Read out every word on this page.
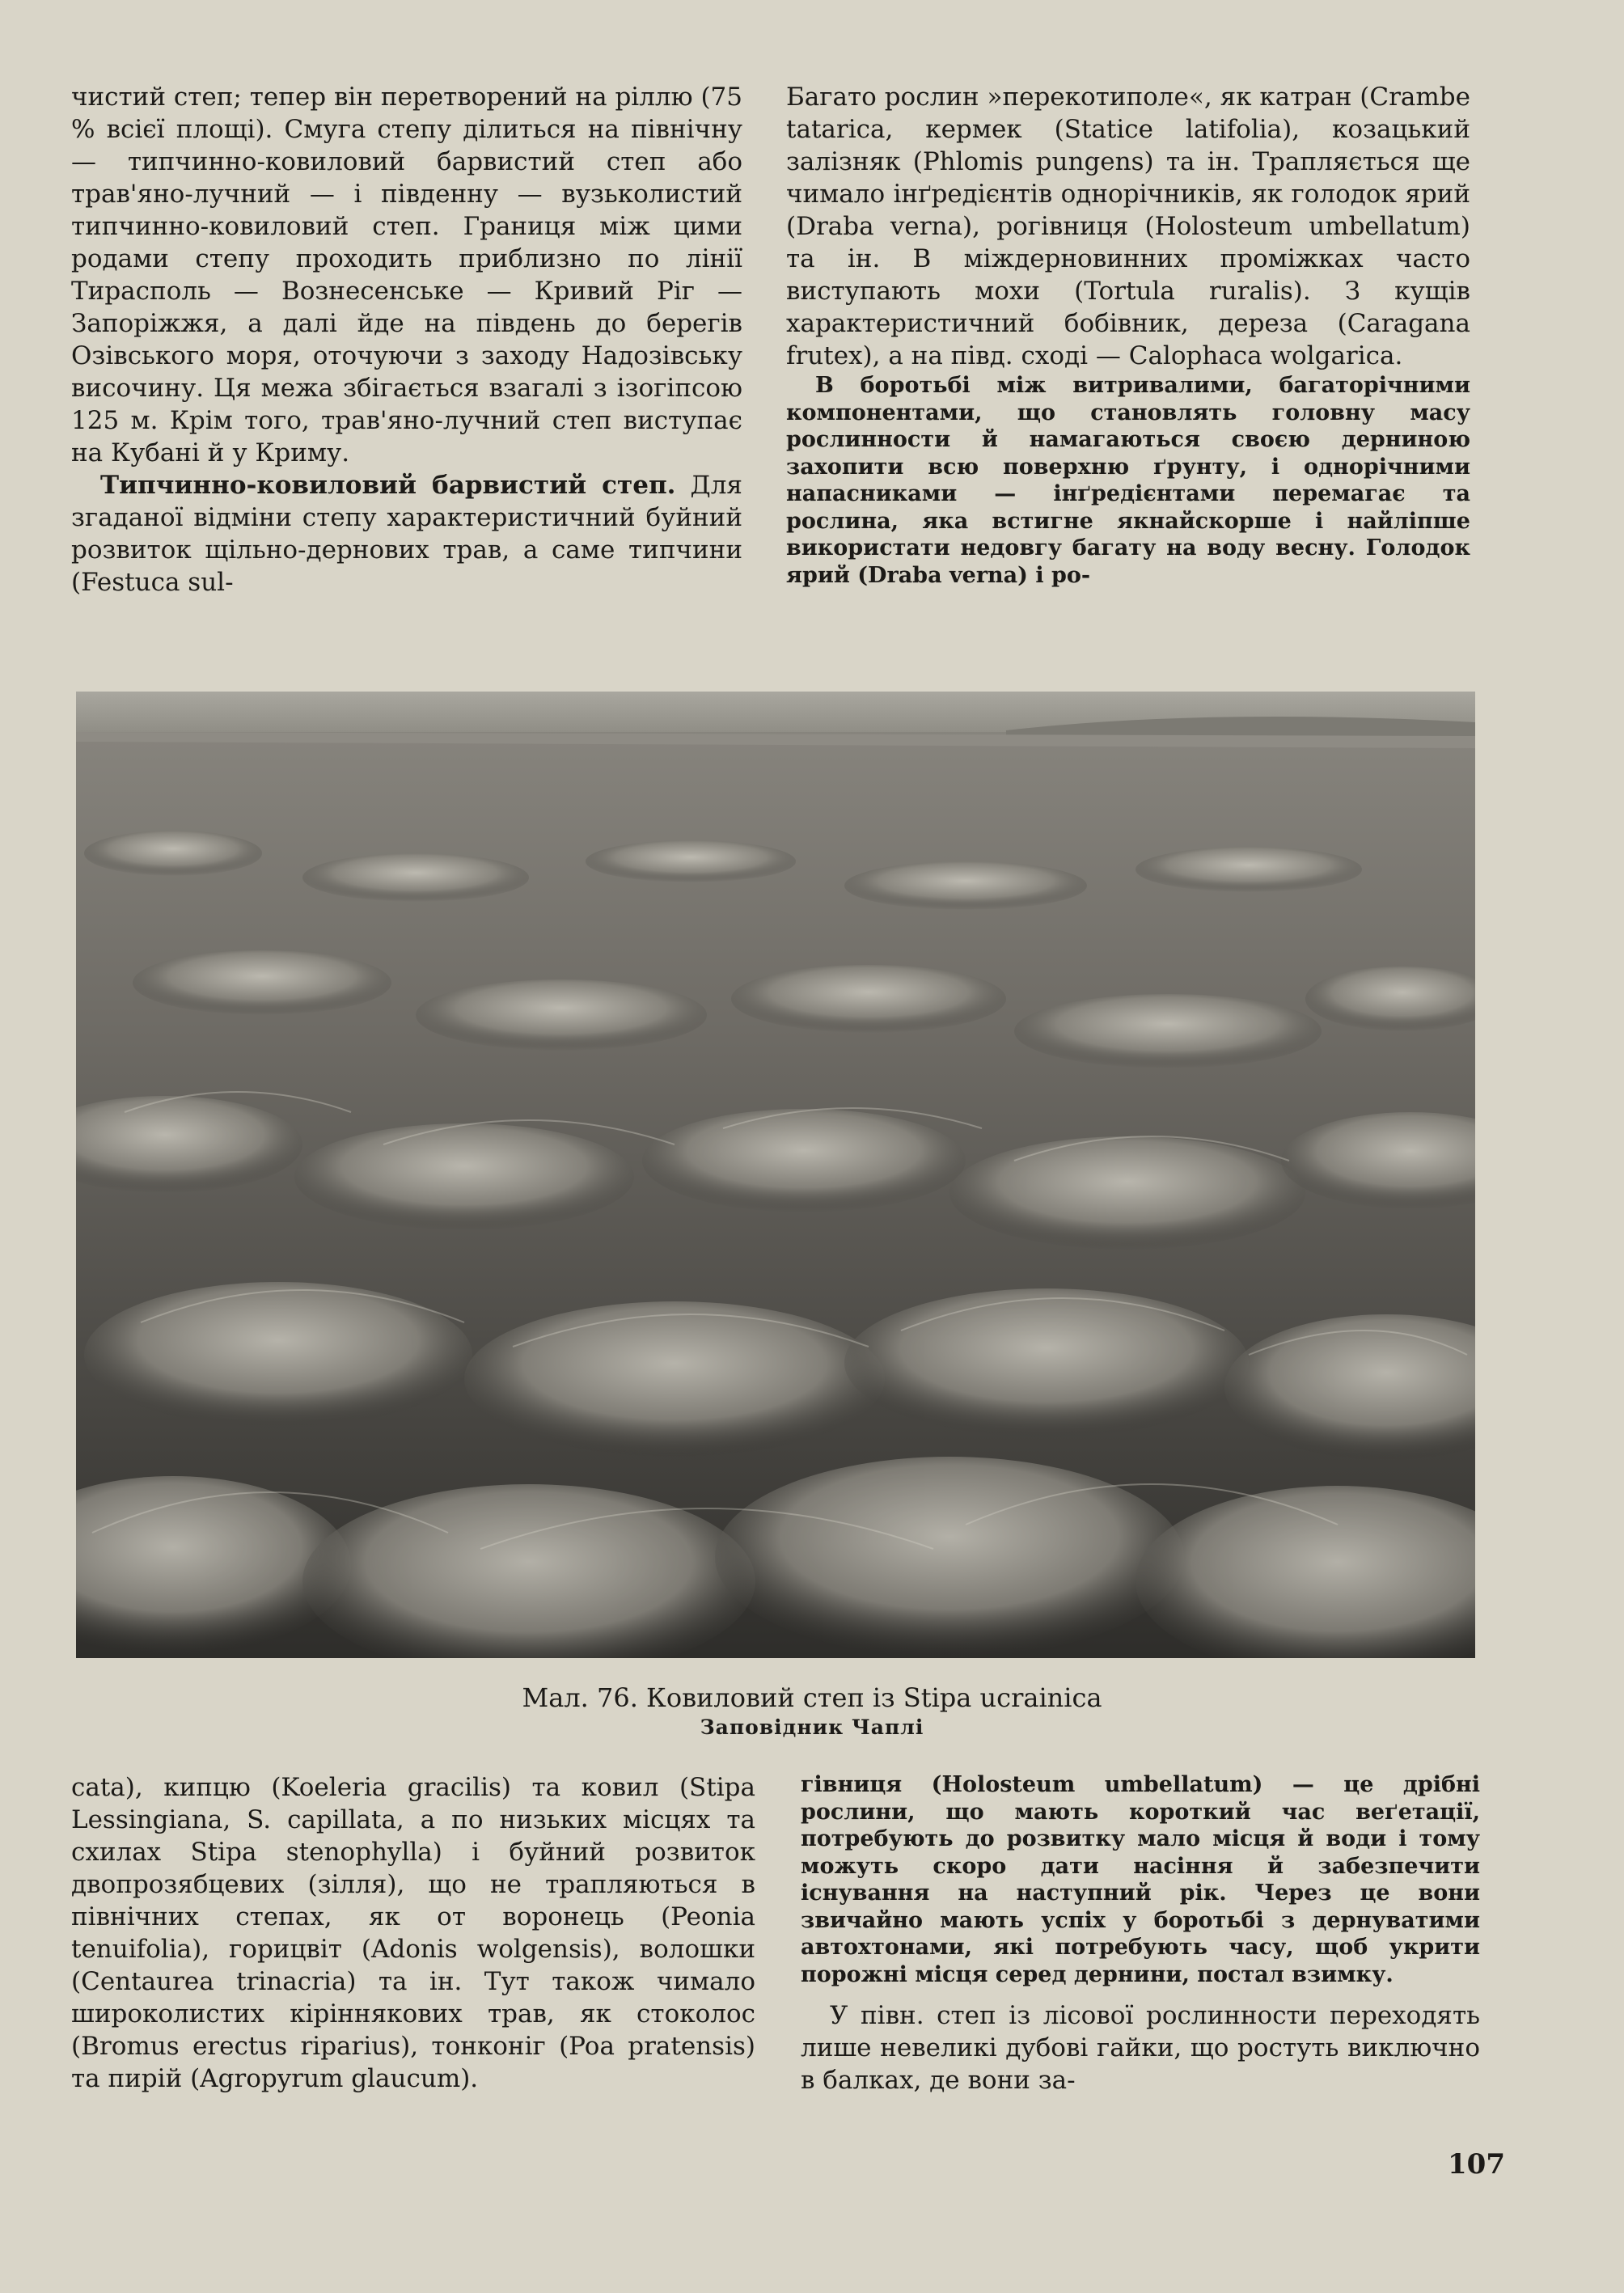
чистий степ; тепер він перетворений на ріллю (75 % всієї площі). Смуга степу ділиться на північну — типчинно-ковиловий барвистий степ або трав'яно-лучний — і південну — вузьколистий типчинно-ковиловий степ. Границя між цими родами степу проходить приблизно по лінії Тирасполь — Вознесенське — Кривий Ріг — Запоріжжя, а далі йде на південь до берегів Озівського моря, оточуючи з заходу Надозівську височину. Ця межа збігається взагалі з ізогіпсою 125 м. Крім того, трав'яно-лучний степ виступає на Кубані й у Криму.

Типчинно-ковиловий барвистий степ. Для згаданої відміни степу характеристичний буйний розвиток щільно-дернових трав, а саме типчини (Festuca sul-

Багато рослин »перекотиполе«, як катран (Crambe tatarica, кермек (Statice latifolia), козацький залізняк (Phlomis pungens) та ін. Трапляється ще чимало інґредієнтів однорічників, як голодок ярий (Draba verna), рогівниця (Holosteum umbellatum) та ін. В міждерновинних проміжках часто виступають мохи (Tortula ruralis). З кущів характеристичний бобівник, дереза (Caragana frutex), а на півд. сході — Calophaca wolgarica.

В боротьбі між витривалими, багаторічними компонентами, що становлять головну масу рослинности й намагаються своєю дерниною захопити всю поверхню ґрунту, і однорічними напасниками — інґредієнтами перемагає та рослина, яка встигне якнайскорше і найліпше використати недовгу багату на воду весну. Голодок ярий (Draba verna) і ро-

Мал. 76. Ковиловий степ із Stipa ucrainica
Заповідник Чаплі

cata), кипцю (Koeleria gracilis) та ковил (Stipa Lessingiana, S. capillata, а по низьких місцях та схилах Stipa stenophylla) і буйний розвиток двопрозябцевих (зілля), що не трапляються в північних степах, як от воронець (Peonia tenuifolia), горицвіт (Adonis wolgensis), волошки (Centaurea trinacria) та ін. Тут також чимало широколистих кіріннякових трав, як стоколос (Bromus erectus riparius), тонконіг (Poa pratensis) та пирій (Agropyrum glaucum).

гівниця (Holosteum umbellatum) — це дрібні рослини, що мають короткий час веґетації, потребують до розвитку мало місця й води і тому можуть скоро дати насіння й забезпечити існування на наступний рік. Через це вони звичайно мають успіх у боротьбі з дернуватими автохтонами, які потребують часу, щоб укрити порожні місця серед дернини, постал взимку.

У півн. степ із лісової рослинности переходять лише невеликі дубові гайки, що ростуть виключно в балках, де вони за-

107
